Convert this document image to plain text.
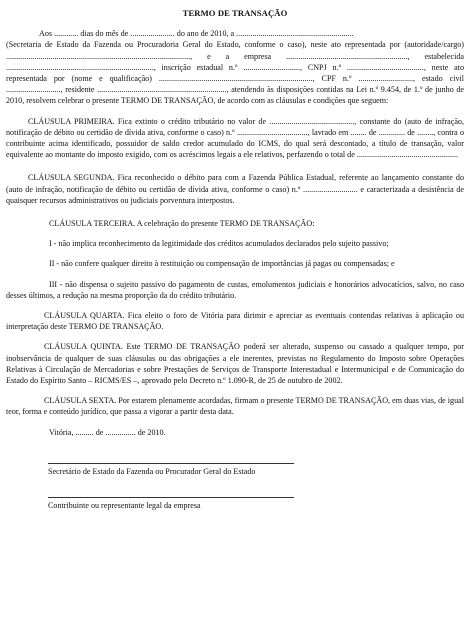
TERMO DE TRANSAÇÃO

Aos ............ dias do mês de ...................... do ano de 2010, a ..........................................................

(Secretaria de Estado da Fazenda ou Procuradoria Geral do Estado, conforme o caso), neste ato representada por (autoridade/cargo) ..........................................................................................., e a empresa ............................................................, estabelecida ........................................................................., inscrição estadual n.º ............................, CNPJ n.º ......................................, neste ato representada por (nome e qualificação) ............................................................................, CPF n.º ..........................., estado civil ..........................., residente ................................................................, atendendo às disposições contidas na Lei n.º 9.454, de 1.º de junho de 2010, resolvem celebrar o presente TERMO DE TRANSAÇÃO, de acordo com as cláusulas e condições que seguem:

CLÁUSULA PRIMEIRA. Fica extinto o crédito tributário no valor de .........................................., constante do (auto de infração, notificação de débito ou certidão de dívida ativa, conforme o caso) n.º ..................................., lavrado em ........ de ............. de ........, contra o contribuinte acima identificado, possuidor de saldo credor acumulado do ICMS, do qual será descontado, a título de transação, valor equivalente ao montante do imposto exigido, com os acréscimos legais a ele relativos, perfazendo o total de ..................................................

CLÁUSULA SEGUNDA. Fica reconhecido o débito para com a Fazenda Pública Estadual, referente ao lançamento constante do (auto de infração, notificação de débito ou certidão de dívida ativa, conforme o caso) n.º ........................... e caracterizada a desistência de quaisquer recursos administrativos ou judiciais porventura interpostos.

CLÁUSULA TERCEIRA. A celebração do presente TERMO DE TRANSAÇÃO:

I - não implica reconhecimento da legitimidade dos créditos acumulados declarados pelo sujeito passivo;

II - não confere qualquer direito à restituição ou compensação de importâncias já pagas ou compensadas; e

III - não dispensa o sujeito passivo do pagamento de custas, emolumentos judiciais e honorários advocatícios, salvo, no caso desses últimos, a redução na mesma proporção da do crédito tributário.

CLÁUSULA QUARTA. Fica eleito o foro de Vitória para dirimir e apreciar as eventuais contendas relativas à aplicação ou interpretação deste TERMO DE TRANSAÇÃO.

CLÁUSULA QUINTA. Este TERMO DE TRANSAÇÃO poderá ser alterado, suspenso ou cassado a qualquer tempo, por inobservância de qualquer de suas cláusulas ou das obrigações a ele inerentes, previstas no Regulamento do Imposto sobre Operações Relativas à Circulação de Mercadorias e sobre Prestações de Serviços de Transporte Interestadual e Intermunicipal e de Comunicação do Estado do Espírito Santo – RICMS/ES –, aprovado pelo Decreto n.º 1.090-R, de 25 de outubro de 2002.

CLÁUSULA SEXTA. Por estarem plenamente acordadas, firmam o presente TERMO DE TRANSAÇÃO, em duas vias, de igual teor, forma e conteúdo jurídico, que passa a vigorar a partir desta data.

Vitória, ......... de ............... de 2010.

Secretário de Estado da Fazenda ou Procurador Geral do Estado
Contribuinte ou representante legal da empresa
